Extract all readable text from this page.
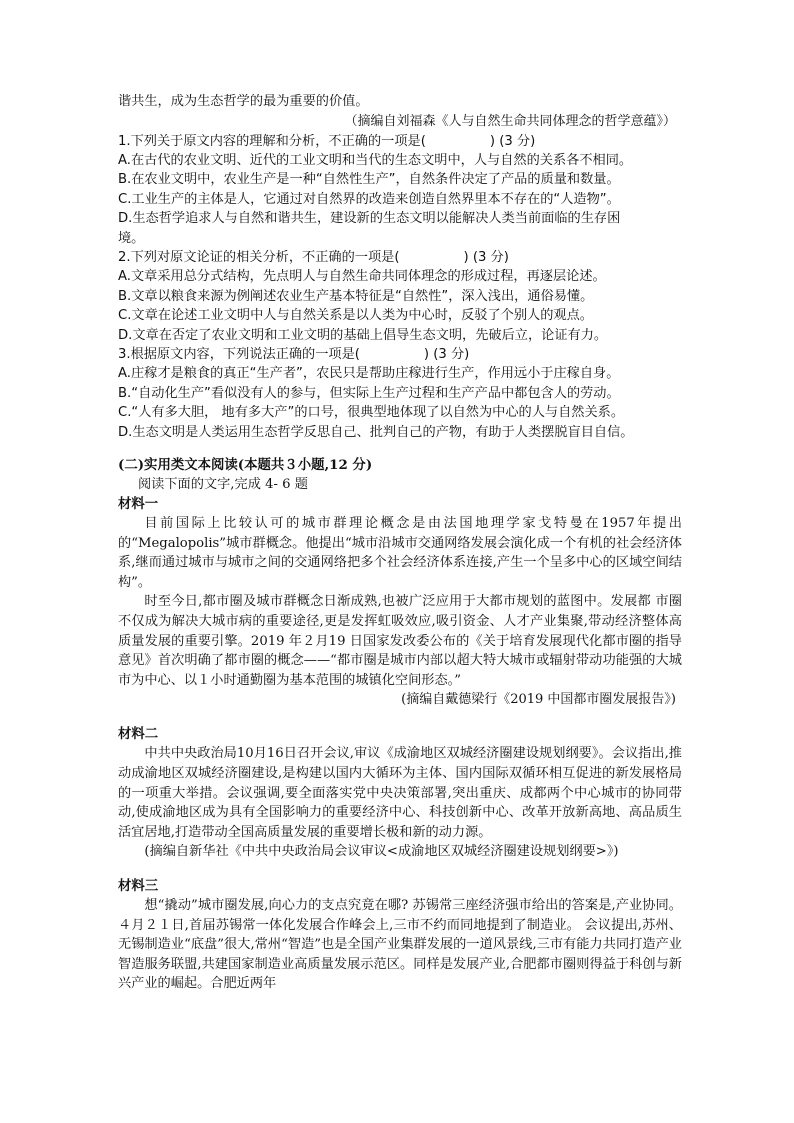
谐共生，成为生态哲学的最为重要的价值。

（摘编自刘福森《人与自然生命共同体理念的哲学意蕴》）

1.下列关于原文内容的理解和分析，不正确的一项是(	) (3 分)

A.在古代的农业文明、近代的工业文明和当代的生态文明中，人与自然的关系各不相同。

B.在农业文明中，农业生产是一种“自然性生产”，自然条件决定了产品的质量和数量。

C.工业生产的主体是人，它通过对自然界的改造来创造自然界里本不存在的“人造物”。

D.生态哲学追求人与自然和谐共生，建设新的生态文明以能解决人类当前面临的生存困

境。

2.下列对原文论证的相关分析，不正确的一项是(	) (3 分)

A.文章采用总分式结构，先点明人与自然生命共同体理念的形成过程，再逐层论述。

B.文章以粮食来源为例阐述农业生产基本特征是“自然性”，深入浅出，通俗易懂。

C.文章在论述工业文明中人与自然关系是以人类为中心时，反驳了个别人的观点。

D.文章在否定了农业文明和工业文明的基础上倡导生态文明，先破后立，论证有力。

3.根据原文内容，下列说法正确的一项是(	) (3 分)

A.庄稼才是粮食的真正“生产者”，农民只是帮助庄稼进行生产，作用远小于庄稼自身。

B.“自动化生产”看似没有人的参与，但实际上生产过程和生产产品中都包含人的劳动。

C.“人有多大胆， 地有多大产”的口号，很典型地体现了以自然为中心的人与自然关系。

D.生态文明是人类运用生态哲学反思自己、批判自己的产物，有助于人类摆脱盲目自信。

(二)实用类文本阅读(本题共３小题,12 分)

阅读下面的文字,完成 4- 6 题

材料一

目前国际上比较认可的城市群理论概念是由法国地理学家戈特曼在1957年提出的“Megalopolis”城市群概念。他提出“城市沿城市交通网络发展会演化成一个有机的社会经济体系,继而通过城市与城市之间的交通网络把多个社会经济体系连接,产生一个呈多中心的区域空间结构”。

时至今日,都市圈及城市群概念日渐成熟,也被广泛应用于大都市规划的蓝图中。发展都 市圈不仅成为解决大城市病的重要途径,更是发挥虹吸效应,吸引资金、人才产业集聚,带动经济整体高质量发展的重要引擎。2019 年２月19 日国家发改委公布的《关于培育发展现代化都市圈的指导意见》首次明确了都市圈的概念——“都市圈是城市内部以超大特大城市或辐射带动功能强的大城市为中心、以１小时通勤圈为基本范围的城镇化空间形态。”

(摘编自戴德梁行《2019 中国都市圈发展报告》)

材料二

中共中央政治局10月16日召开会议,审议《成渝地区双城经济圈建设规划纲要》。会议指出,推动成渝地区双城经济圈建设,是构建以国内大循环为主体、国内国际双循环相互促进的新发展格局的一项重大举措。会议强调,要全面落实党中央决策部署,突出重庆、成都两个中心城市的协同带动,使成渝地区成为具有全国影响力的重要经济中心、科技创新中心、改革开放新高地、高品质生活宜居地,打造带动全国高质量发展的重要增长极和新的动力源。

(摘编自新华社《中共中央政治局会议审议<成渝地区双城经济圈建设规划纲要>》)

材料三

想“撬动”城市圈发展,向心力的支点究竟在哪? 苏锡常三座经济强市给出的答案是,产业协同。４月２１日,首届苏锡常一体化发展合作峰会上,三市不约而同地提到了制造业。 会议提出,苏州、无锡制造业“底盘”很大,常州“智造”也是全国产业集群发展的一道风景线,三市有能力共同打造产业智造服务联盟,共建国家制造业高质量发展示范区。同样是发展产业,合肥都市圈则得益于科创与新兴产业的崛起。合肥近两年
